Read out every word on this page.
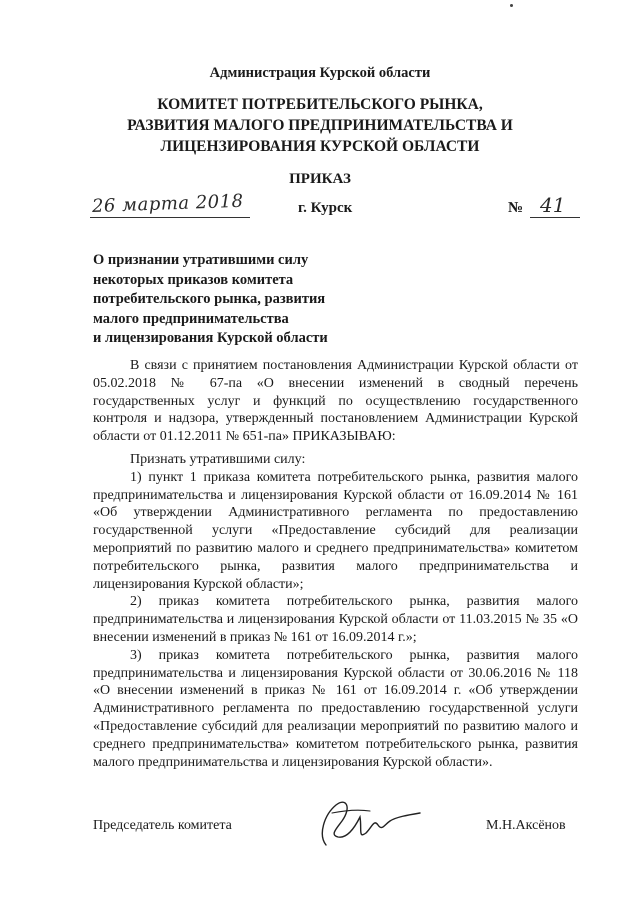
Администрация Курской области
КОМИТЕТ ПОТРЕБИТЕЛЬСКОГО РЫНКА,
РАЗВИТИЯ МАЛОГО ПРЕДПРИНИМАТЕЛЬСТВА И
ЛИЦЕНЗИРОВАНИЯ КУРСКОЙ ОБЛАСТИ
ПРИКАЗ
26 марта 2018	г. Курск	№ 41
О признании утратившими силу
некоторых приказов комитета
потребительского рынка, развития
малого предпринимательства
и лицензирования Курской области

В связи с принятием постановления Администрации Курской области от 05.02.2018 № 67-па «О внесении изменений в сводный перечень государственных услуг и функций по осуществлению государственного контроля и надзора, утвержденный постановлением Администрации Курской области от 01.12.2011 № 651-па» ПРИКАЗЫВАЮ:

Признать утратившими силу:

1) пункт 1 приказа комитета потребительского рынка, развития малого предпринимательства и лицензирования Курской области от 16.09.2014 № 161 «Об утверждении Административного регламента по предоставлению государственной услуги «Предоставление субсидий для реализации мероприятий по развитию малого и среднего предпринимательства» комитетом потребительского рынка, развития малого предпринимательства и лицензирования Курской области»;

2) приказ комитета потребительского рынка, развития малого предпринимательства и лицензирования Курской области от 11.03.2015 № 35 «О внесении изменений в приказ № 161 от 16.09.2014 г.»;

3) приказ комитета потребительского рынка, развития малого предпринимательства и лицензирования Курской области от 30.06.2016 № 118 «О внесении изменений в приказ № 161 от 16.09.2014 г. «Об утверждении Административного регламента по предоставлению государственной услуги «Предоставление субсидий для реализации мероприятий по развитию малого и среднего предпринимательства» комитетом потребительского рынка, развития малого предпринимательства и лицензирования Курской области».

Председатель комитета	М.Н.Аксёнов
